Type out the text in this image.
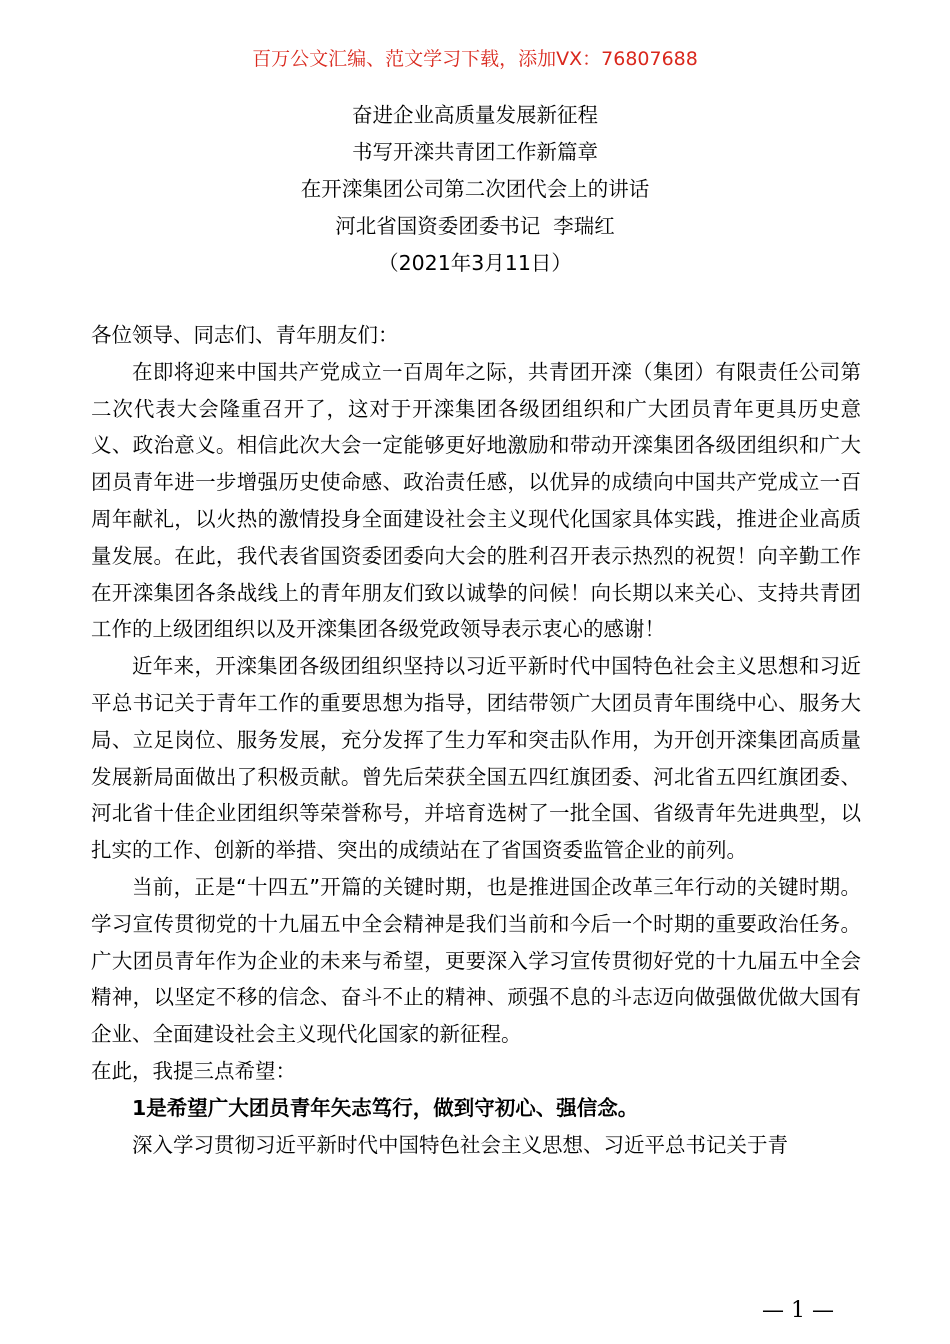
百万公文汇编、范文学习下载，添加VX：76807688
奋进企业高质量发展新征程
书写开滦共青团工作新篇章
在开滦集团公司第二次团代会上的讲话
河北省国资委团委书记  李瑞红
（2021年3月11日）

各位领导、同志们、青年朋友们：

在即将迎来中国共产党成立一百周年之际，共青团开滦（集团）有限责任公司第二次代表大会隆重召开了，这对于开滦集团各级团组织和广大团员青年更具历史意义、政治意义。相信此次大会一定能够更好地激励和带动开滦集团各级团组织和广大团员青年进一步增强历史使命感、政治责任感，以优异的成绩向中国共产党成立一百周年献礼，以火热的激情投身全面建设社会主义现代化国家具体实践，推进企业高质量发展。在此，我代表省国资委团委向大会的胜利召开表示热烈的祝贺！向辛勤工作在开滦集团各条战线上的青年朋友们致以诚挚的问候！向长期以来关心、支持共青团工作的上级团组织以及开滦集团各级党政领导表示衷心的感谢！

近年来，开滦集团各级团组织坚持以习近平新时代中国特色社会主义思想和习近平总书记关于青年工作的重要思想为指导，团结带领广大团员青年围绕中心、服务大局、立足岗位、服务发展，充分发挥了生力军和突击队作用，为开创开滦集团高质量发展新局面做出了积极贡献。曾先后荣获全国五四红旗团委、河北省五四红旗团委、河北省十佳企业团组织等荣誉称号，并培育选树了一批全国、省级青年先进典型，以扎实的工作、创新的举措、突出的成绩站在了省国资委监管企业的前列。

当前，正是“十四五”开篇的关键时期，也是推进国企改革三年行动的关键时期。学习宣传贯彻党的十九届五中全会精神是我们当前和今后一个时期的重要政治任务。广大团员青年作为企业的未来与希望，更要深入学习宣传贯彻好党的十九届五中全会精神，以坚定不移的信念、奋斗不止的精神、顽强不息的斗志迈向做强做优做大国有企业、全面建设社会主义现代化国家的新征程。

在此，我提三点希望：

1是希望广大团员青年矢志笃行，做到守初心、强信念。

深入学习贯彻习近平新时代中国特色社会主义思想、习近平总书记关于青

— 1 —
